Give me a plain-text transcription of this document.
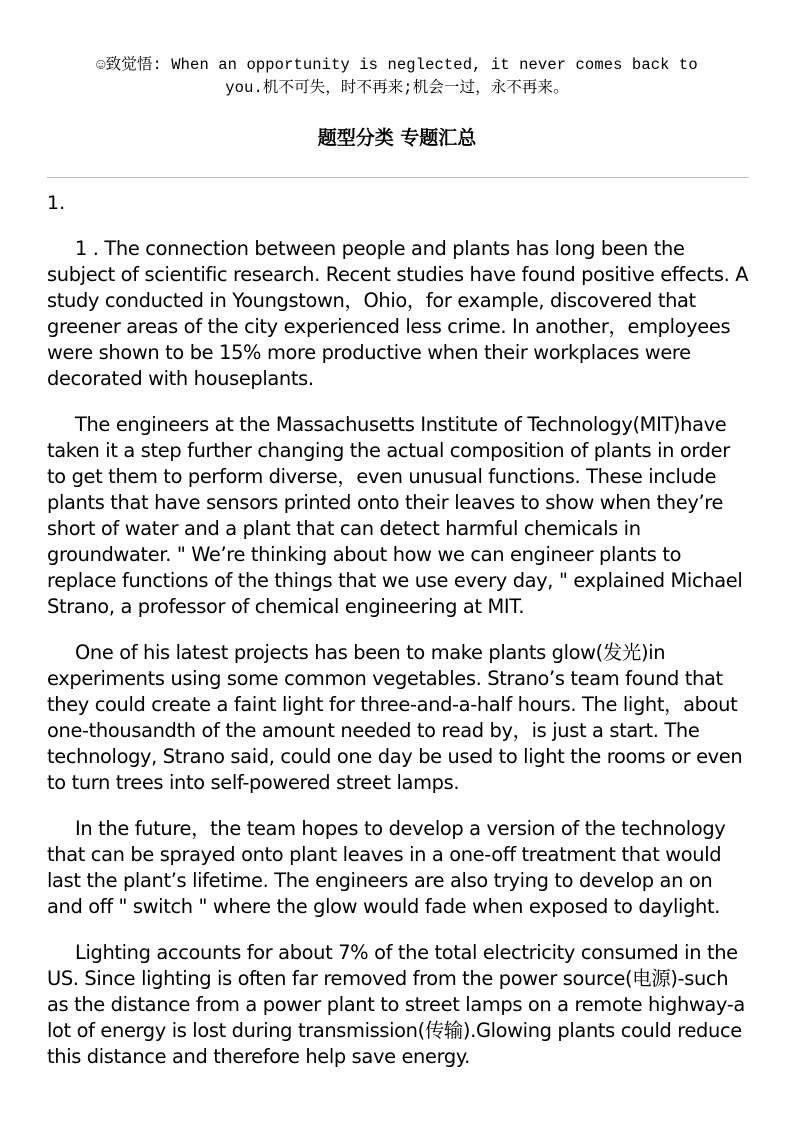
☺致觉悟: When an opportunity is neglected, it never comes back to
you.机不可失，时不再来;机会一过，永不再来。
题型分类 专题汇总
1.

1 . The connection between people and plants has long been the subject of scientific research. Recent studies have found positive effects. A study conducted in Youngstown，Ohio，for example, discovered that greener areas of the city experienced less crime. In another，employees were shown to be 15% more productive when their workplaces were decorated with houseplants.

The engineers at the Massachusetts Institute of Technology(MIT)have taken it a step further changing the actual composition of plants in order to get them to perform diverse，even unusual functions. These include plants that have sensors printed onto their leaves to show when they’re short of water and a plant that can detect harmful chemicals in groundwater. " We’re thinking about how we can engineer plants to replace functions of the things that we use every day, " explained Michael Strano, a professor of chemical engineering at MIT.

One of his latest projects has been to make plants glow(发光)in experiments using some common vegetables. Strano’s team found that they could create a faint light for three-and-a-half hours. The light，about one-thousandth of the amount needed to read by，is just a start. The technology, Strano said, could one day be used to light the rooms or even to turn trees into self-powered street lamps.

In the future，the team hopes to develop a version of the technology that can be sprayed onto plant leaves in a one-off treatment that would last the plant’s lifetime. The engineers are also trying to develop an on and off " switch " where the glow would fade when exposed to daylight.

Lighting accounts for about 7% of the total electricity consumed in the US. Since lighting is often far removed from the power source(电源)-such as the distance from a power plant to street lamps on a remote highway-a lot of energy is lost during transmission(传输).Glowing plants could reduce this distance and therefore help save energy.
